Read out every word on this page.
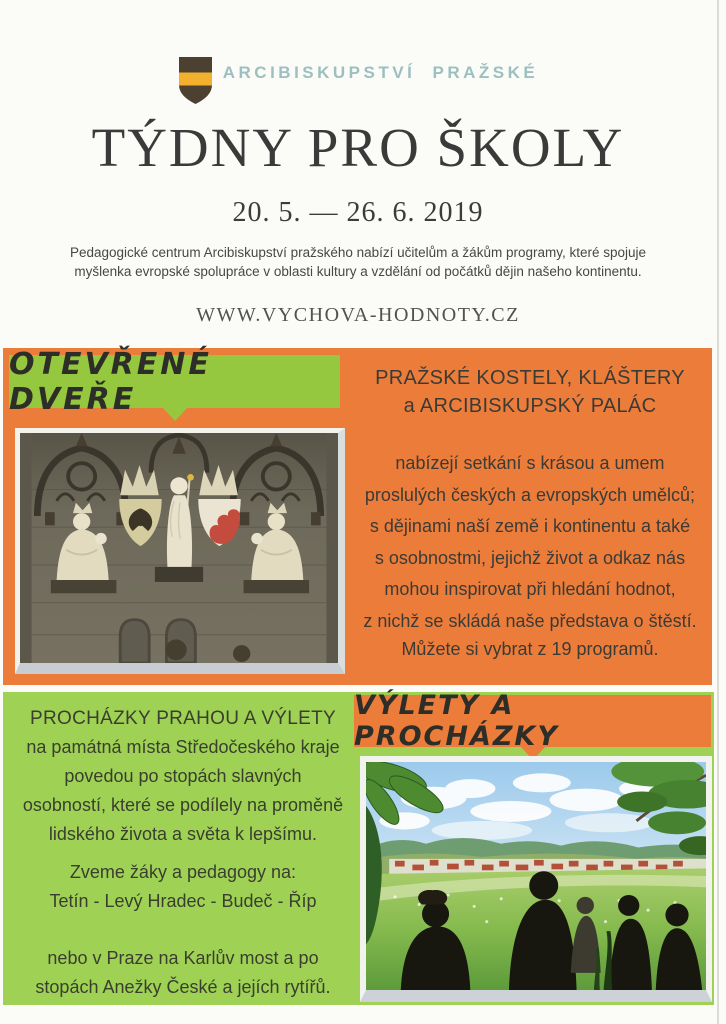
ARCIBISKUPSTVÍ PRAŽSKÉ
TÝDNY PRO ŠKOLY
20. 5. — 26. 6. 2019
Pedagogické centrum Arcibiskupství pražského nabízí učitelům a žákům programy, které spojuje
myšlenka evropské spolupráce v oblasti kultury a vzdělání od počátků dějin našeho kontinentu.
WWW.VYCHOVA-HODNOTY.CZ
OTEVŘENÉ DVEŘE
PRAŽSKÉ KOSTELY, KLÁŠTERY
a ARCIBISKUPSKÝ PALÁC
nabízejí setkání s krásou a umem
proslulých českých a evropských umělců;
s dějinami naší země i kontinentu a také
s osobnostmi, jejichž život a odkaz nás
mohou inspirovat při hledání hodnot,
z nichž se skládá naše představa o štěstí.
Můžete si vybrat z 19 programů.
PROCHÁZKY PRAHOU A VÝLETY
na památná místa Středočeského kraje
povedou po stopách slavných
osobností, které se podílely na proměně
lidského života a světa k lepšímu.
Zveme žáky a pedagogy na:
Tetín - Levý Hradec - Budeč - Říp
nebo v Praze na Karlův most a po
stopách Anežky České a jejích rytířů.
VÝLETY A PROCHÁZKY
